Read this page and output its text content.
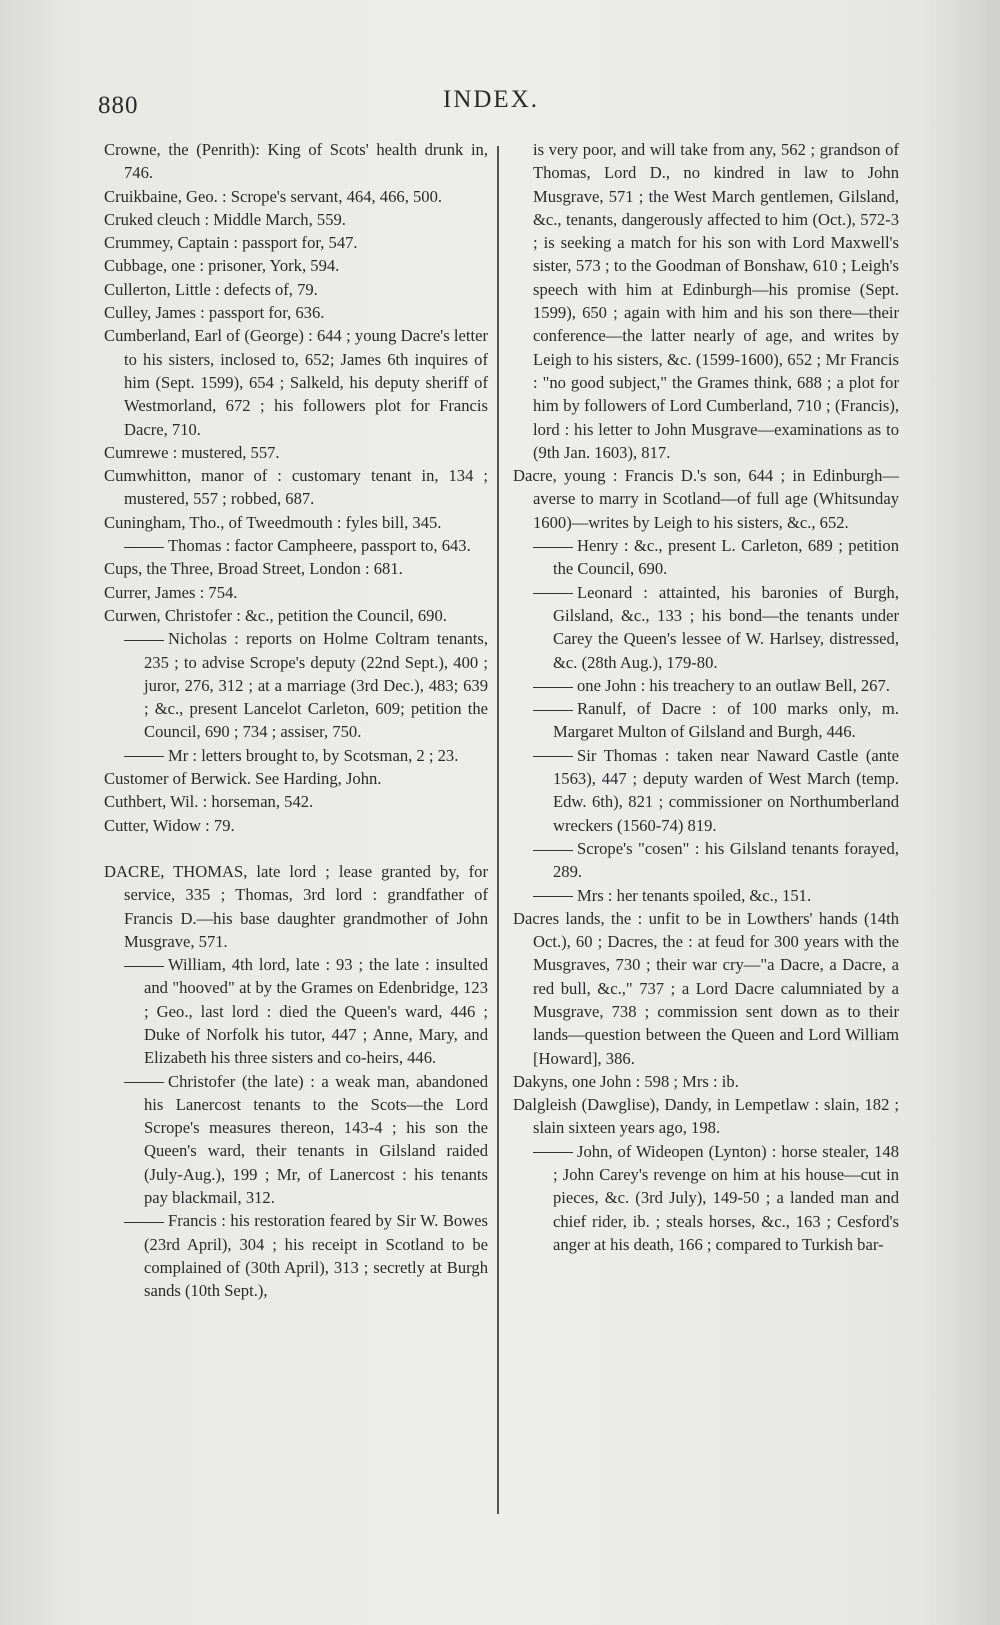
880	INDEX.

Crowne, the (Penrith): King of Scots' health drunk in, 746.

Cruikbaine, Geo. : Scrope's servant, 464, 466, 500.

Cruked cleuch : Middle March, 559.

Crummey, Captain : passport for, 547.

Cubbage, one : prisoner, York, 594.

Cullerton, Little : defects of, 79.

Culley, James : passport for, 636.

Cumberland, Earl of (George) : 644 ; young Dacre's letter to his sisters, inclosed to, 652; James 6th inquires of him (Sept. 1599), 654 ; Salkeld, his deputy sheriff of Westmorland, 672 ; his followers plot for Francis Dacre, 710.

Cumrewe : mustered, 557.

Cumwhitton, manor of : customary tenant in, 134 ; mustered, 557 ; robbed, 687.

Cuningham, Tho., of Tweedmouth : fyles bill, 345.

Thomas : factor Campheere, passport to, 643.

Cups, the Three, Broad Street, London : 681.

Currer, James : 754.

Curwen, Christofer : &c., petition the Council, 690.

Nicholas : reports on Holme Coltram tenants, 235 ; to advise Scrope's deputy (22nd Sept.), 400 ; juror, 276, 312 ; at a marriage (3rd Dec.), 483; 639 ; &c., present Lancelot Carleton, 609; petition the Council, 690 ; 734 ; assiser, 750.

Mr : letters brought to, by Scotsman, 2 ; 23.

Customer of Berwick. See Harding, John.

Cuthbert, Wil. : horseman, 542.

Cutter, Widow : 79.

DACRE, THOMAS, late lord ; lease granted by, for service, 335 ; Thomas, 3rd lord : grandfather of Francis D.—his base daughter grandmother of John Musgrave, 571.

William, 4th lord, late : 93 ; the late : insulted and "hooved" at by the Grames on Edenbridge, 123 ; Geo., last lord : died the Queen's ward, 446 ; Duke of Norfolk his tutor, 447 ; Anne, Mary, and Elizabeth his three sisters and co-heirs, 446.

Christofer (the late) : a weak man, abandoned his Lanercost tenants to the Scots—the Lord Scrope's measures thereon, 143-4 ; his son the Queen's ward, their tenants in Gilsland raided (July-Aug.), 199 ; Mr, of Lanercost : his tenants pay blackmail, 312.

Francis : his restoration feared by Sir W. Bowes (23rd April), 304 ; his receipt in Scotland to be complained of (30th April), 313 ; secretly at Burgh sands (10th Sept.),

is very poor, and will take from any, 562 ; grandson of Thomas, Lord D., no kindred in law to John Musgrave, 571 ; the West March gentlemen, Gilsland, &c., tenants, dangerously affected to him (Oct.), 572-3 ; is seeking a match for his son with Lord Maxwell's sister, 573 ; to the Goodman of Bonshaw, 610 ; Leigh's speech with him at Edinburgh—his promise (Sept. 1599), 650 ; again with him and his son there—their conference—the latter nearly of age, and writes by Leigh to his sisters, &c. (1599-1600), 652 ; Mr Francis : "no good subject," the Grames think, 688 ; a plot for him by followers of Lord Cumberland, 710 ; (Francis), lord : his letter to John Musgrave—examinations as to (9th Jan. 1603), 817.

Dacre, young : Francis D.'s son, 644 ; in Edinburgh—averse to marry in Scotland—of full age (Whitsunday 1600)—writes by Leigh to his sisters, &c., 652.

Henry : &c., present L. Carleton, 689 ; petition the Council, 690.

Leonard : attainted, his baronies of Burgh, Gilsland, &c., 133 ; his bond—the tenants under Carey the Queen's lessee of W. Harlsey, distressed, &c. (28th Aug.), 179-80.

one John : his treachery to an outlaw Bell, 267.

Ranulf, of Dacre : of 100 marks only, m. Margaret Multon of Gilsland and Burgh, 446.

Sir Thomas : taken near Naward Castle (ante 1563), 447 ; deputy warden of West March (temp. Edw. 6th), 821 ; commissioner on Northumberland wreckers (1560-74) 819.

Scrope's "cosen" : his Gilsland tenants forayed, 289.

Mrs : her tenants spoiled, &c., 151.

Dacres lands, the : unfit to be in Lowthers' hands (14th Oct.), 60 ; Dacres, the : at feud for 300 years with the Musgraves, 730 ; their war cry—"a Dacre, a Dacre, a red bull, &c.," 737 ; a Lord Dacre calumniated by a Musgrave, 738 ; commission sent down as to their lands—question between the Queen and Lord William [Howard], 386.

Dakyns, one John : 598 ; Mrs : ib.

Dalgleish (Dawglise), Dandy, in Lempetlaw : slain, 182 ; slain sixteen years ago, 198.

John, of Wideopen (Lynton) : horse stealer, 148 ; John Carey's revenge on him at his house—cut in pieces, &c. (3rd July), 149-50 ; a landed man and chief rider, ib. ; steals horses, &c., 163 ; Cesford's anger at his death, 166 ; compared to Turkish bar-
